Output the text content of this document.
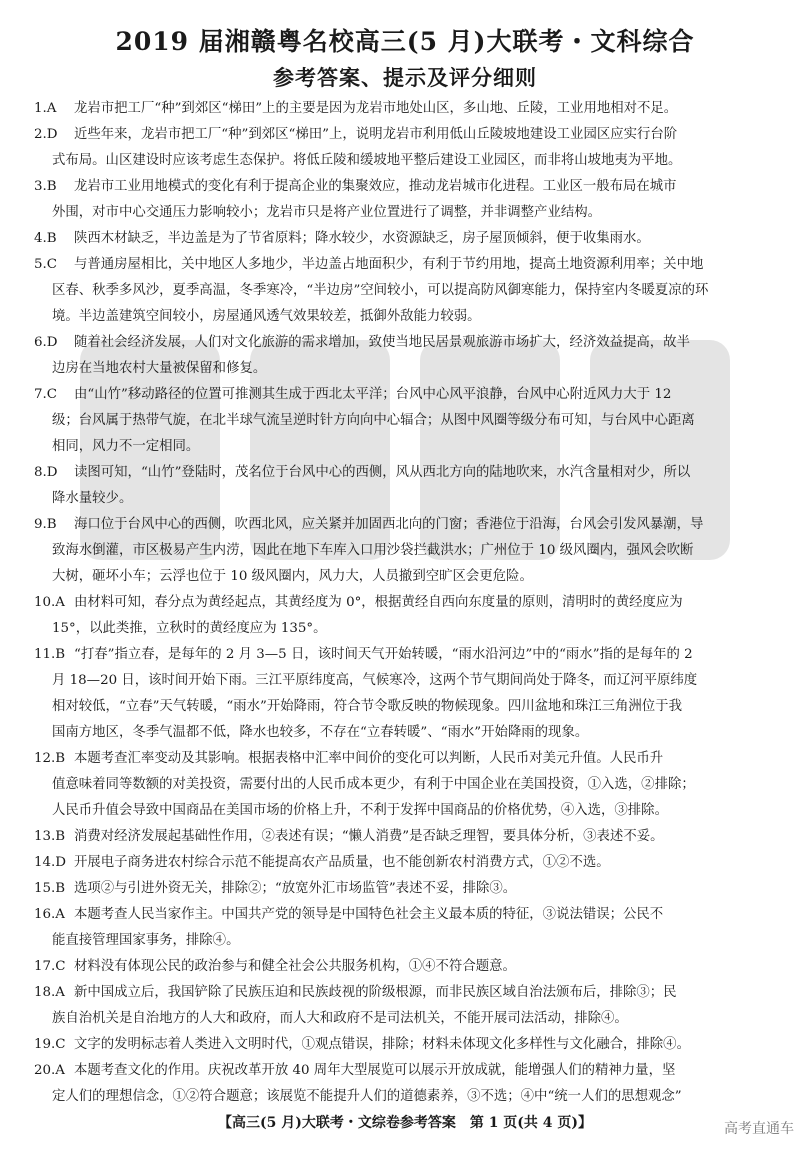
2019 届湘赣粤名校高三(5 月)大联考・文科综合
参考答案、提示及评分细则
1.A 龙岩市把工厂“种”到郊区“梯田”上的主要是因为龙岩市地处山区，多山地、丘陵，工业用地相对不足。
2.D 近些年来，龙岩市把工厂“种”到郊区“梯田”上，说明龙岩市利用低山丘陵坡地建设工业园区应实行台阶
式布局。山区建设时应该考虑生态保护。将低丘陵和缓坡地平整后建设工业园区，而非将山坡地夷为平地。
3.B 龙岩市工业用地模式的变化有利于提高企业的集聚效应，推动龙岩城市化进程。工业区一般布局在城市
外围，对市中心交通压力影响较小；龙岩市只是将产业位置进行了调整，并非调整产业结构。
4.B 陕西木材缺乏，半边盖是为了节省原料；降水较少，水资源缺乏，房子屋顶倾斜，便于收集雨水。
5.C 与普通房屋相比，关中地区人多地少，半边盖占地面积少，有利于节约用地，提高土地资源利用率；关中地
区春、秋季多风沙，夏季高温，冬季寒冷，“半边房”空间较小，可以提高防风御寒能力，保持室内冬暖夏凉的环
境。半边盖建筑空间较小，房屋通风透气效果较差，抵御外敌能力较弱。
6.D 随着社会经济发展，人们对文化旅游的需求增加，致使当地民居景观旅游市场扩大，经济效益提高，故半
边房在当地农村大量被保留和修复。
7.C 由“山竹”移动路径的位置可推测其生成于西北太平洋；台风中心风平浪静，台风中心附近风力大于 12
级；台风属于热带气旋，在北半球气流呈逆时针方向向中心辐合；从图中风圈等级分布可知，与台风中心距离
相同，风力不一定相同。
8.D 读图可知，“山竹”登陆时，茂名位于台风中心的西侧，风从西北方向的陆地吹来，水汽含量相对少，所以
降水量较少。
9.B 海口位于台风中心的西侧，吹西北风，应关紧并加固西北向的门窗；香港位于沿海，台风会引发风暴潮，导
致海水倒灌，市区极易产生内涝，因此在地下车库入口用沙袋拦截洪水；广州位于 10 级风圈内，强风会吹断
大树，砸坏小车；云浮也位于 10 级风圈内，风力大，人员撤到空旷区会更危险。
10.A 由材料可知，春分点为黄经起点，其黄经度为 0°，根据黄经自西向东度量的原则，清明时的黄经度应为
15°，以此类推，立秋时的黄经度应为 135°。
11.B “打春”指立春，是每年的 2 月 3—5 日，该时间天气开始转暖，“雨水沿河边”中的“雨水”指的是每年的 2
月 18—20 日，该时间开始下雨。三江平原纬度高，气候寒冷，这两个节气期间尚处于降冬，而辽河平原纬度
相对较低，“立春”天气转暖，“雨水”开始降雨，符合节令歌反映的物候现象。四川盆地和珠江三角洲位于我
国南方地区，冬季气温都不低，降水也较多，不存在“立春转暖”、“雨水”开始降雨的现象。
12.B 本题考查汇率变动及其影响。根据表格中汇率中间价的变化可以判断，人民币对美元升值。人民币升
值意味着同等数额的对美投资，需要付出的人民币成本更少，有利于中国企业在美国投资，①入选，②排除；
人民币升值会导致中国商品在美国市场的价格上升，不利于发挥中国商品的价格优势，④入选，③排除。
13.B 消费对经济发展起基础性作用，②表述有误；“懒人消费”是否缺乏理智，要具体分析，③表述不妥。
14.D 开展电子商务进农村综合示范不能提高农产品质量，也不能创新农村消费方式，①②不选。
15.B 选项②与引进外资无关，排除②；“放宽外汇市场监管”表述不妥，排除③。
16.A 本题考查人民当家作主。中国共产党的领导是中国特色社会主义最本质的特征，③说法错误；公民不
能直接管理国家事务，排除④。
17.C 材料没有体现公民的政治参与和健全社会公共服务机构，①④不符合题意。
18.A 新中国成立后，我国铲除了民族压迫和民族歧视的阶级根源，而非民族区域自治法颁布后，排除③；民
族自治机关是自治地方的人大和政府，而人大和政府不是司法机关，不能开展司法活动，排除④。
19.C 文字的发明标志着人类进入文明时代，①观点错误，排除；材料未体现文化多样性与文化融合，排除④。
20.A 本题考查文化的作用。庆祝改革开放 40 周年大型展览可以展示开放成就，能增强人们的精神力量，坚
定人们的理想信念，①②符合题意；该展览不能提升人们的道德素养，③不选；④中“统一人们的思想观念”
【高三(5 月)大联考・文综卷参考答案　第 1 页(共 4 页)】	高考直通车
